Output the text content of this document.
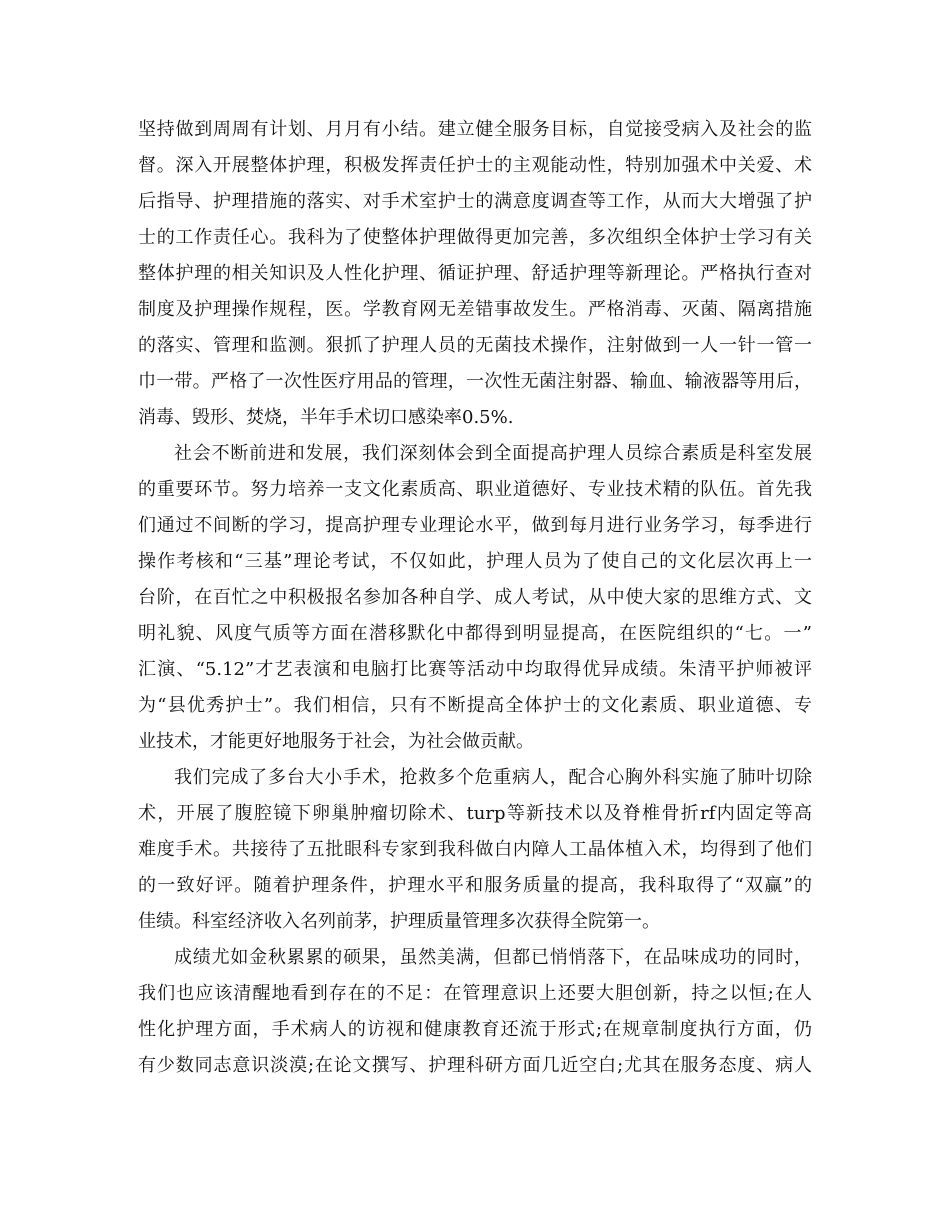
坚持做到周周有计划、月月有小结。建立健全服务目标，自觉接受病入及社会的监
督。深入开展整体护理，积极发挥责任护士的主观能动性，特别加强术中关爱、术
后指导、护理措施的落实、对手术室护士的满意度调查等工作，从而大大增强了护
士的工作责任心。我科为了使整体护理做得更加完善，多次组织全体护士学习有关
整体护理的相关知识及人性化护理、循证护理、舒适护理等新理论。严格执行查对
制度及护理操作规程，医。学教育网无差错事故发生。严格消毒、灭菌、隔离措施
的落实、管理和监测。狠抓了护理人员的无菌技术操作，注射做到一人一针一管一
巾一带。严格了一次性医疗用品的管理，一次性无菌注射器、输血、输液器等用后，
消毒、毁形、焚烧，半年手术切口感染率0.5%.
社会不断前进和发展，我们深刻体会到全面提高护理人员综合素质是科室发展
的重要环节。努力培养一支文化素质高、职业道德好、专业技术精的队伍。首先我
们通过不间断的学习，提高护理专业理论水平，做到每月进行业务学习，每季进行
操作考核和“三基”理论考试，不仅如此，护理人员为了使自己的文化层次再上一
台阶，在百忙之中积极报名参加各种自学、成人考试，从中使大家的思维方式、文
明礼貌、风度气质等方面在潜移默化中都得到明显提高，在医院组织的“七。一”
汇演、“5.12”才艺表演和电脑打比赛等活动中均取得优异成绩。朱清平护师被评
为“县优秀护士”。我们相信，只有不断提高全体护士的文化素质、职业道德、专
业技术，才能更好地服务于社会，为社会做贡献。
我们完成了多台大小手术，抢救多个危重病人，配合心胸外科实施了肺叶切除
术，开展了腹腔镜下卵巢肿瘤切除术、turp等新技术以及脊椎骨折rf内固定等高
难度手术。共接待了五批眼科专家到我科做白内障人工晶体植入术，均得到了他们
的一致好评。随着护理条件，护理水平和服务质量的提高，我科取得了“双赢”的
佳绩。科室经济收入名列前茅，护理质量管理多次获得全院第一。
成绩尤如金秋累累的硕果，虽然美满，但都已悄悄落下，在品味成功的同时，
我们也应该清醒地看到存在的不足：在管理意识上还要大胆创新，持之以恒;在人
性化护理方面，手术病人的访视和健康教育还流于形式;在规章制度执行方面，仍
有少数同志意识淡漠;在论文撰写、护理科研方面几近空白;尤其在服务态度、病人
